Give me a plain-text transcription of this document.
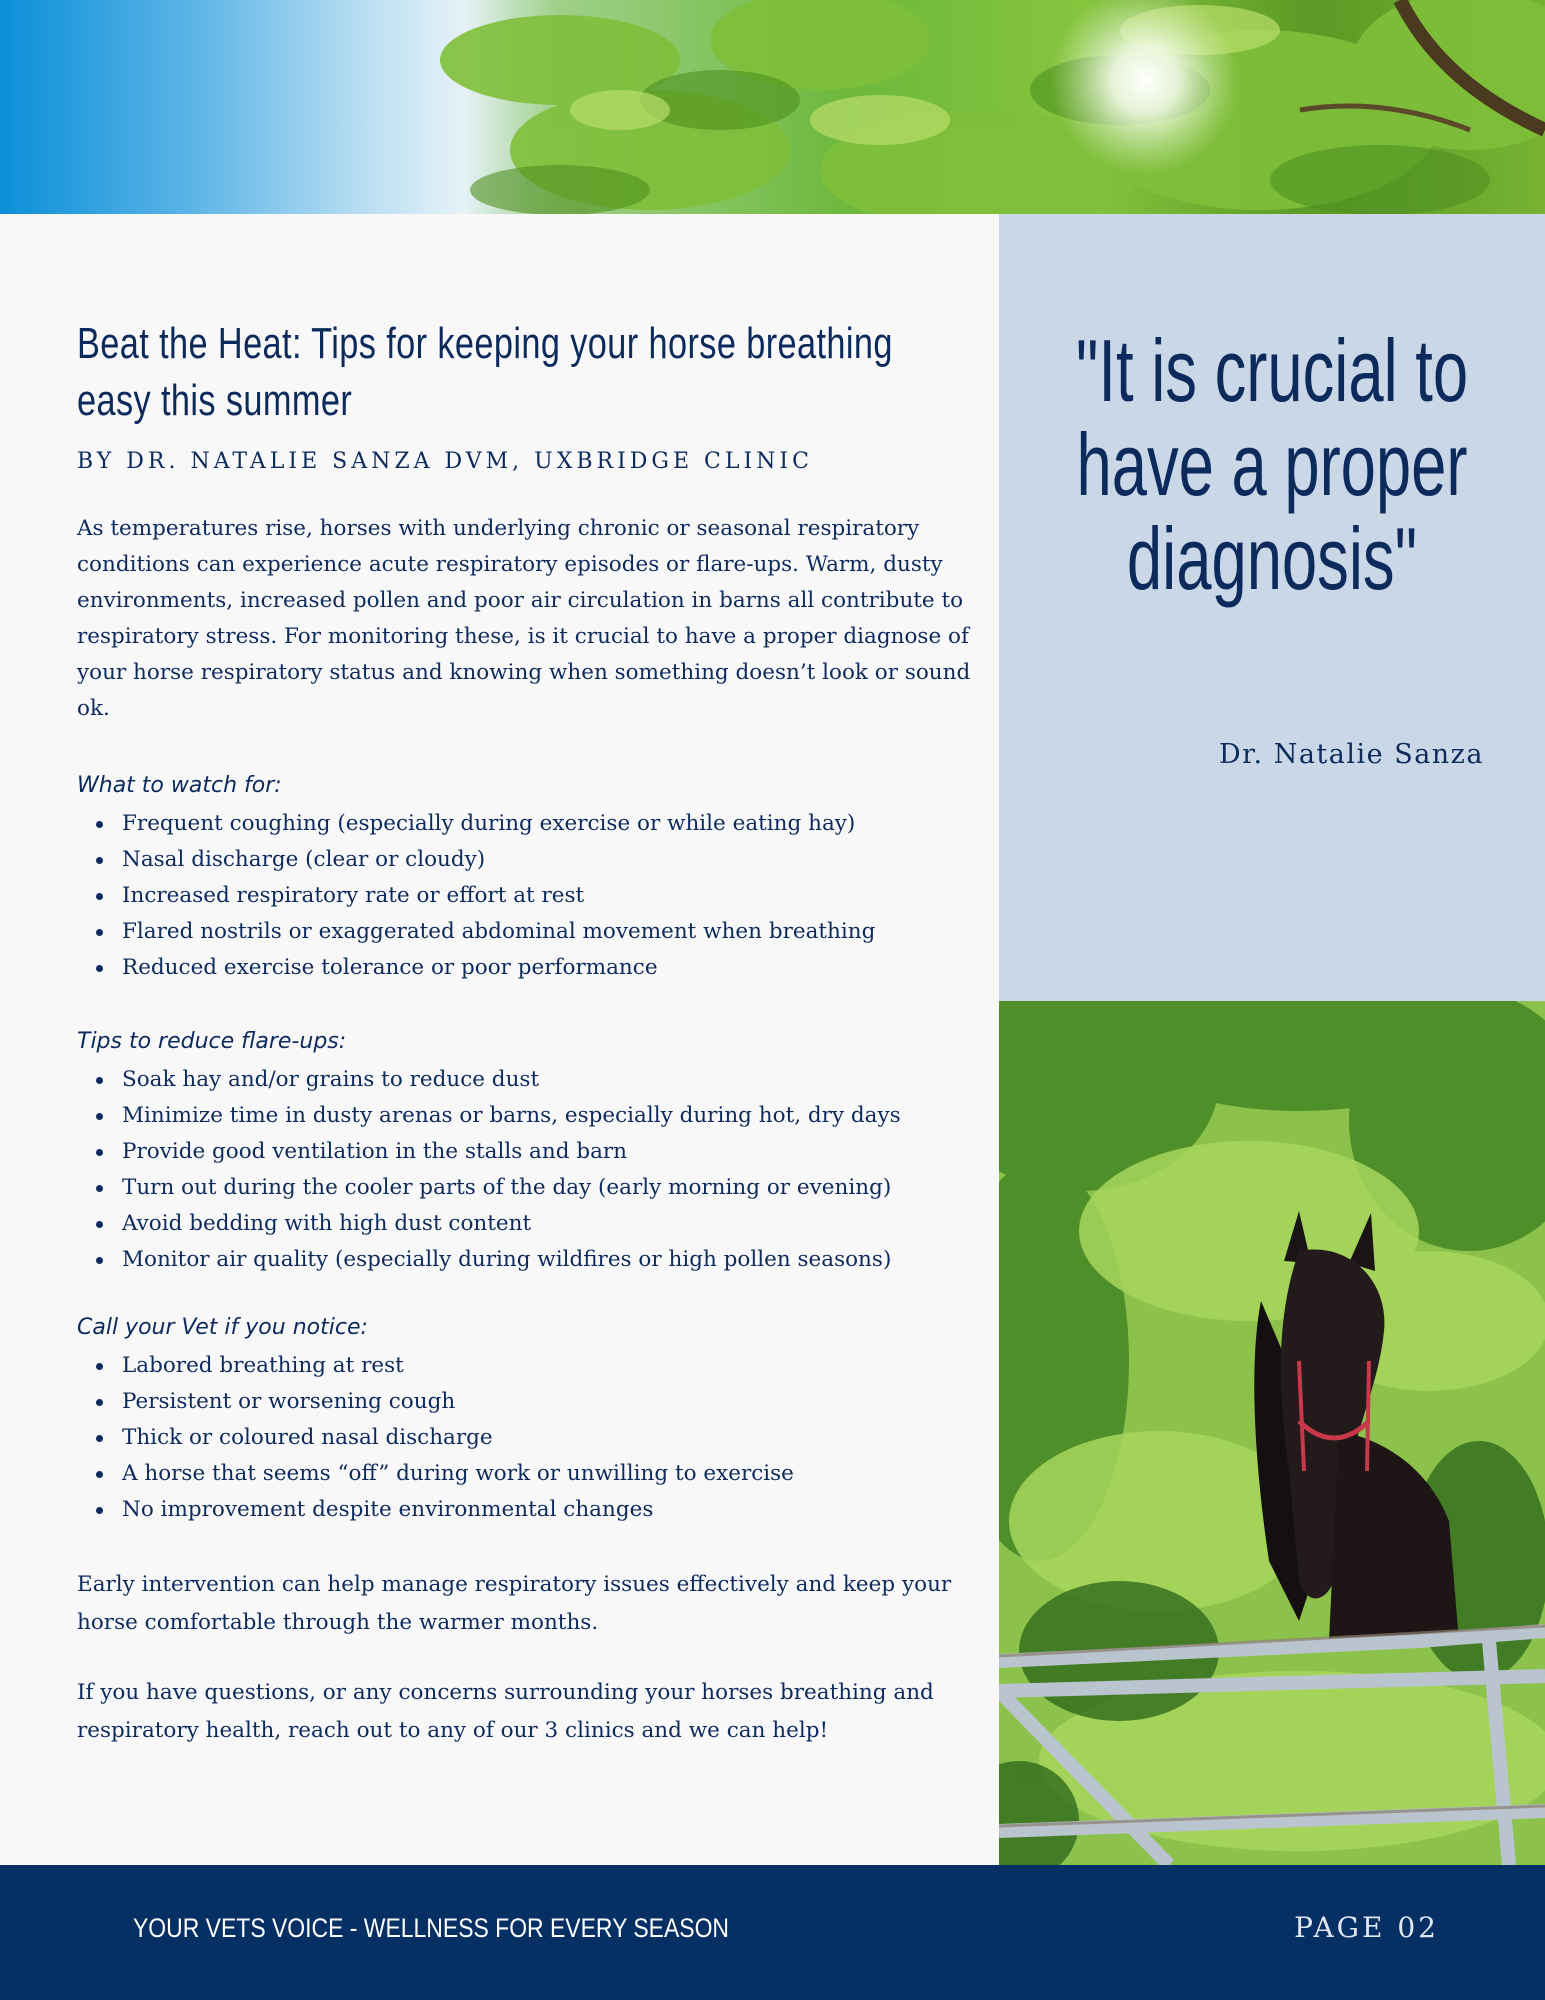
Beat the Heat: Tips for keeping your horse breathing easy this summer
BY DR. NATALIE SANZA DVM, UXBRIDGE CLINIC

As temperatures rise, horses with underlying chronic or seasonal respiratory conditions can experience acute respiratory episodes or flare-ups. Warm, dusty environments, increased pollen and poor air circulation in barns all contribute to respiratory stress. For monitoring these, is it crucial to have a proper diagnose of your horse respiratory status and knowing when something doesn’t look or sound ok.

What to watch for:

Frequent coughing (especially during exercise or while eating hay)
Nasal discharge (clear or cloudy)
Increased respiratory rate or effort at rest
Flared nostrils or exaggerated abdominal movement when breathing
Reduced exercise tolerance or poor performance

Tips to reduce flare-ups:

Soak hay and/or grains to reduce dust
Minimize time in dusty arenas or barns, especially during hot, dry days
Provide good ventilation in the stalls and barn
Turn out during the cooler parts of the day (early morning or evening)
Avoid bedding with high dust content
Monitor air quality (especially during wildfires or high pollen seasons)

Call your Vet if you notice:

Labored breathing at rest
Persistent or worsening cough
Thick or coloured nasal discharge
A horse that seems “off” during work or unwilling to exercise
No improvement despite environmental changes

Early intervention can help manage respiratory issues effectively and keep your horse comfortable through the warmer months.

If you have questions, or any concerns surrounding your horses breathing and respiratory health, reach out to any of our 3 clinics and we can help!

"It is crucial to have a proper diagnosis"
Dr. Natalie Sanza
YOUR VETS VOICE - WELLNESS FOR EVERY SEASON	PAGE 02
